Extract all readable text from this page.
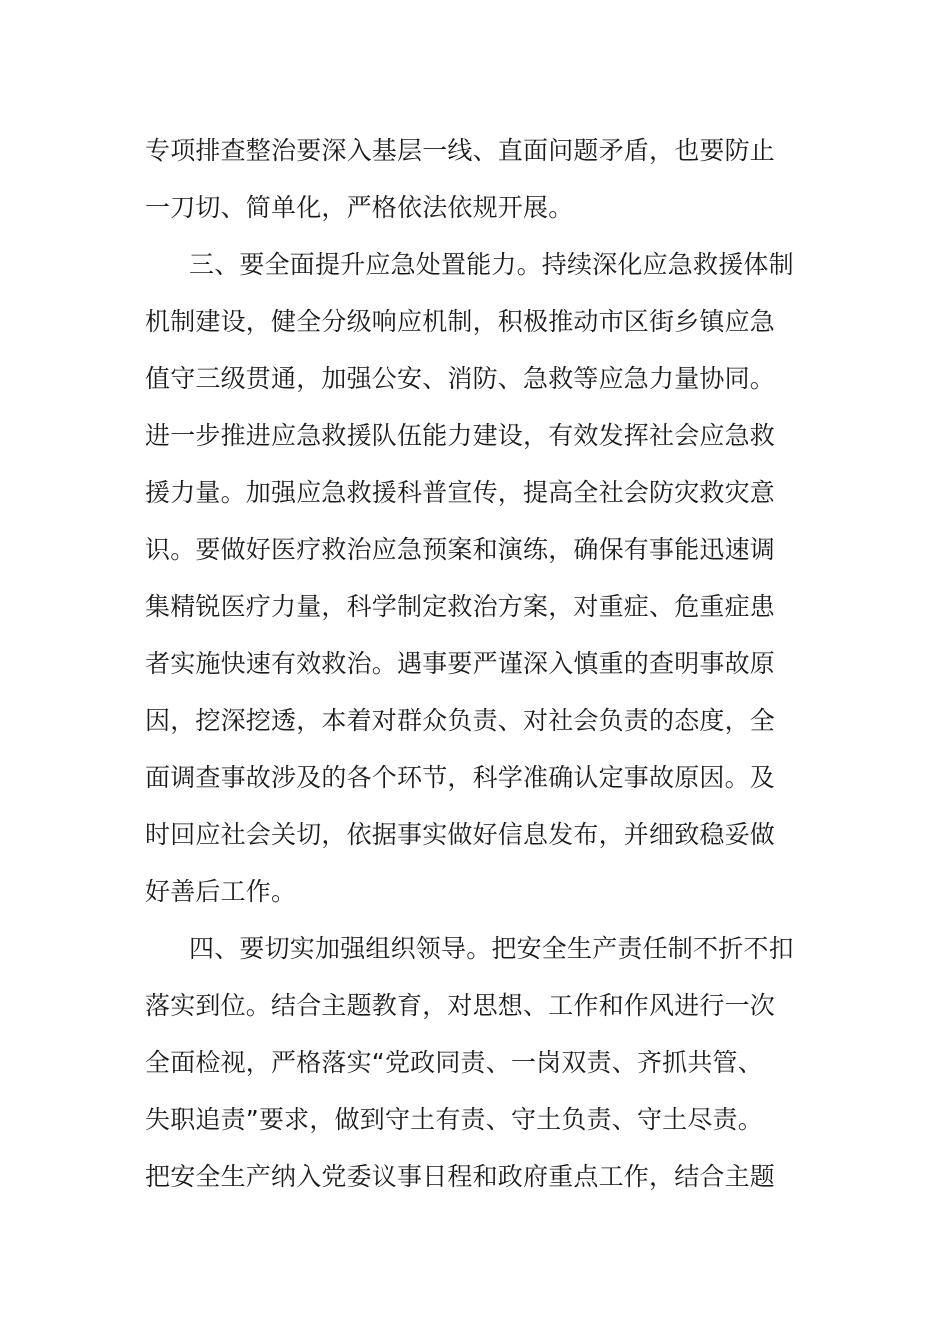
专项排查整治要深入基层一线、直面问题矛盾，也要防止
一刀切、简单化，严格依法依规开展。
三、要全面提升应急处置能力。持续深化应急救援体制
机制建设，健全分级响应机制，积极推动市区街乡镇应急
值守三级贯通，加强公安、消防、急救等应急力量协同。
进一步推进应急救援队伍能力建设，有效发挥社会应急救
援力量。加强应急救援科普宣传，提高全社会防灾救灾意
识。要做好医疗救治应急预案和演练，确保有事能迅速调
集精锐医疗力量，科学制定救治方案，对重症、危重症患
者实施快速有效救治。遇事要严谨深入慎重的查明事故原
因，挖深挖透，本着对群众负责、对社会负责的态度，全
面调查事故涉及的各个环节，科学准确认定事故原因。及
时回应社会关切，依据事实做好信息发布，并细致稳妥做
好善后工作。
四、要切实加强组织领导。把安全生产责任制不折不扣
落实到位。结合主题教育，对思想、工作和作风进行一次
全面检视，严格落实“党政同责、一岗双责、齐抓共管、
失职追责”要求，做到守土有责、守土负责、守土尽责。
把安全生产纳入党委议事日程和政府重点工作，结合主题
